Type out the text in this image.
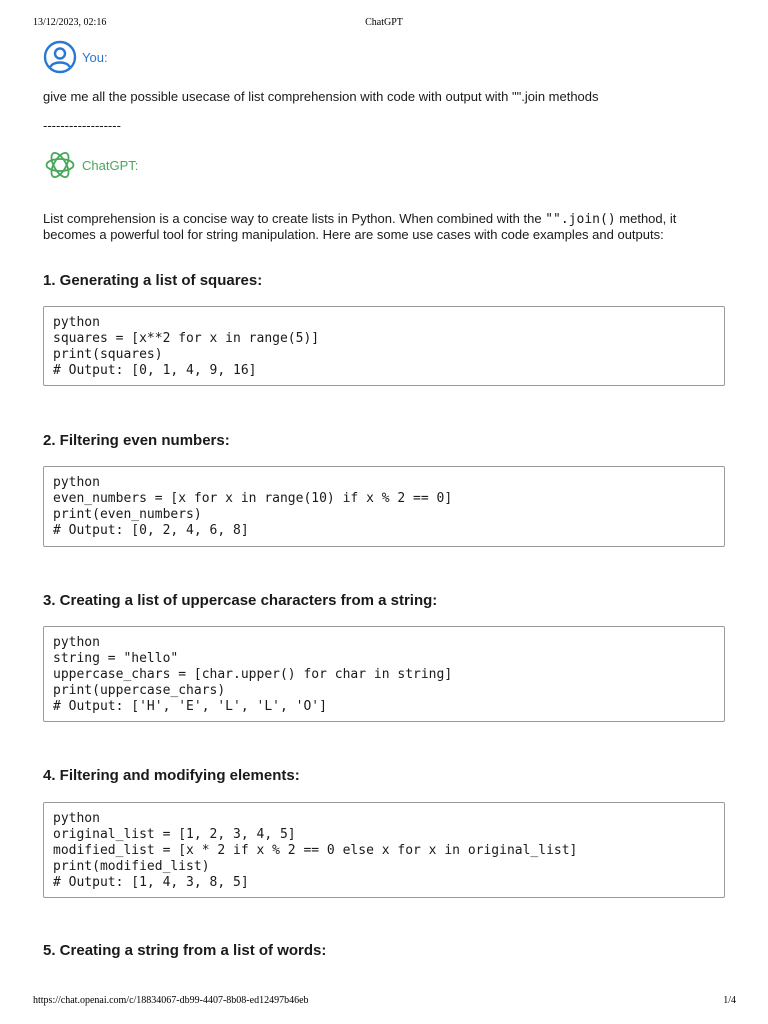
13/12/2023, 02:16	ChatGPT
You:
give me all the possible usecase of list comprehension with code with output with "".join methods
------------------
ChatGPT:
List comprehension is a concise way to create lists in Python. When combined with the "".join() method, it becomes a powerful tool for string manipulation. Here are some use cases with code examples and outputs:
1. Generating a list of squares:
python
squares = [x**2 for x in range(5)]
print(squares)
# Output: [0, 1, 4, 9, 16]
2. Filtering even numbers:
python
even_numbers = [x for x in range(10) if x % 2 == 0]
print(even_numbers)
# Output: [0, 2, 4, 6, 8]
3. Creating a list of uppercase characters from a string:
python
string = "hello"
uppercase_chars = [char.upper() for char in string]
print(uppercase_chars)
# Output: ['H', 'E', 'L', 'L', 'O']
4. Filtering and modifying elements:
python
original_list = [1, 2, 3, 4, 5]
modified_list = [x * 2 if x % 2 == 0 else x for x in original_list]
print(modified_list)
# Output: [1, 4, 3, 8, 5]
5. Creating a string from a list of words:
https://chat.openai.com/c/18834067-db99-4407-8b08-ed12497b46eb	1/4
